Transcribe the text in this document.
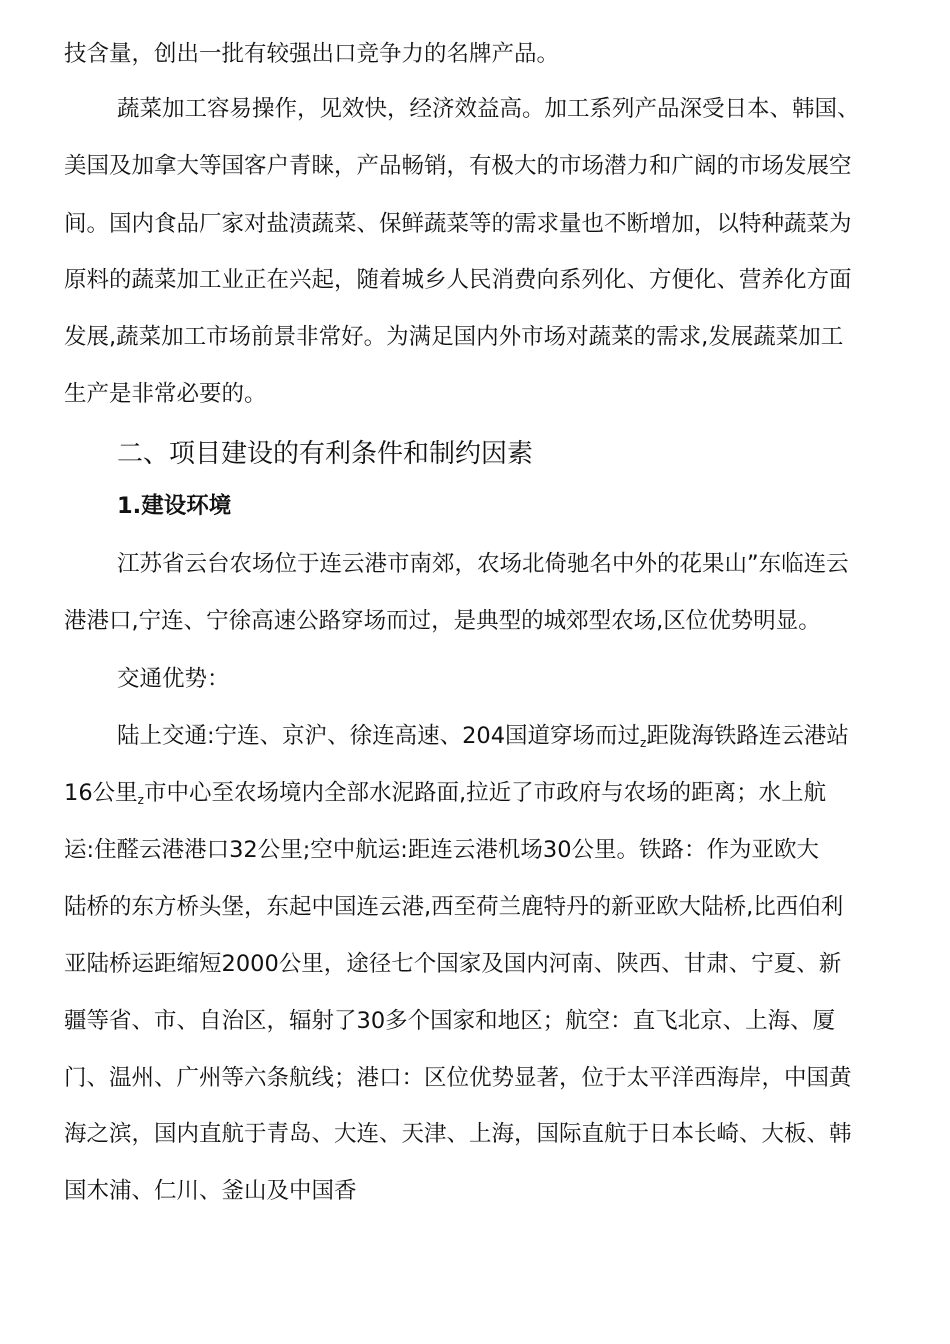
技含量，创出一批有较强出口竞争力的名牌产品。
蔬菜加工容易操作，见效快，经济效益高。加工系列产品深受日本、韩国、
美国及加拿大等国客户青睐，产品畅销，有极大的市场潜力和广阔的市场发展空
间。国内食品厂家对盐渍蔬菜、保鲜蔬菜等的需求量也不断增加，以特种蔬菜为
原料的蔬菜加工业正在兴起，随着城乡人民消费向系列化、方便化、营养化方面
发展,蔬菜加工市场前景非常好。为满足国内外市场对蔬菜的需求,发展蔬菜加工
生产是非常必要的。
二、项目建设的有利条件和制约因素
1.建设环境
江苏省云台农场位于连云港市南郊，农场北倚驰名中外的花果山”东临连云
港港口,宁连、宁徐高速公路穿场而过，是典型的城郊型农场,区位优势明显。
交通优势：
陆上交通:宁连、京沪、徐连高速、204国道穿场而过z距陇海铁路连云港站
16公里z市中心至农场境内全部水泥路面,拉近了市政府与农场的距离；水上航
运:住醛云港港口32公里;空中航运:距连云港机场30公里。铁路：作为亚欧大
陆桥的东方桥头堡，东起中国连云港,西至荷兰鹿特丹的新亚欧大陆桥,比西伯利
亚陆桥运距缩短2000公里，途径七个国家及国内河南、陕西、甘肃、宁夏、新
疆等省、市、自治区，辐射了30多个国家和地区；航空：直飞北京、上海、厦
门、温州、广州等六条航线；港口：区位优势显著，位于太平洋西海岸，中国黄
海之滨，国内直航于青岛、大连、天津、上海，国际直航于日本长崎、大板、韩
国木浦、仁川、釜山及中国香
